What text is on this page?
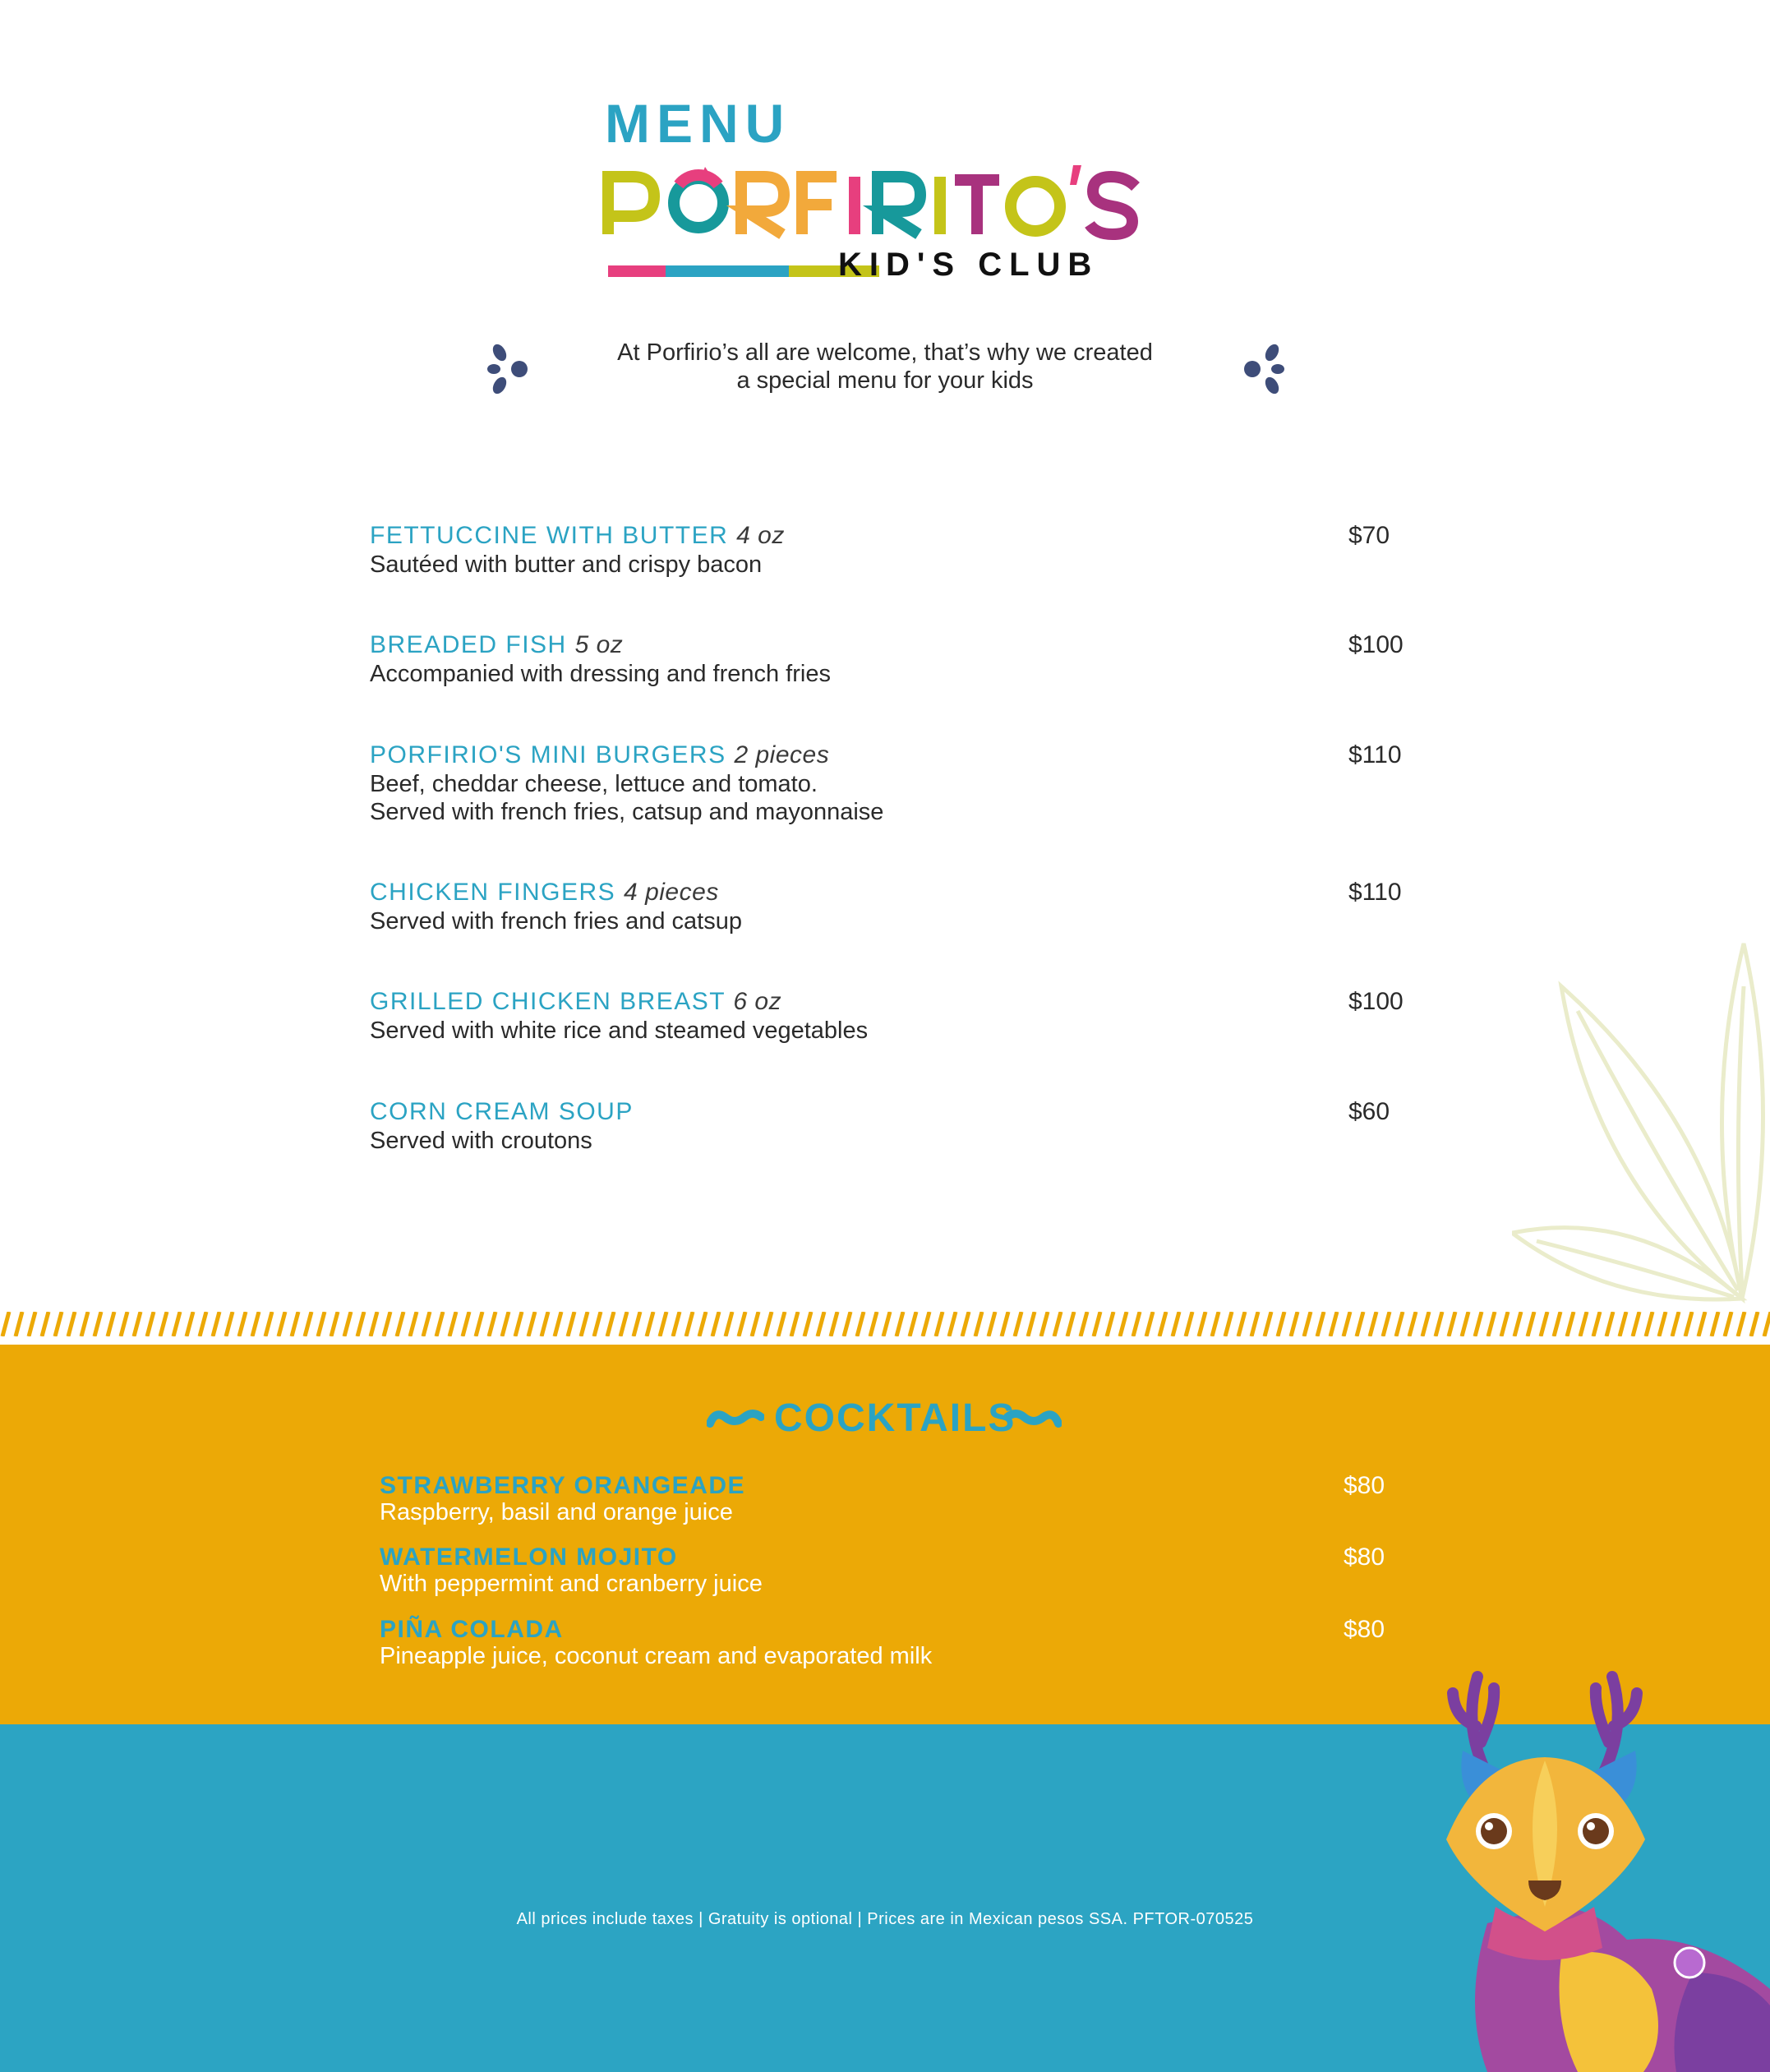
MENU
KID'S CLUB
At Porfirio’s all are welcome, that’s why we created
a special menu for your kids
FETTUCCINE WITH BUTTER 4 oz
Sautéed with butter and crispy bacon
$70
BREADED FISH 5 oz
Accompanied with dressing and french fries
$100
PORFIRIO'S MINI BURGERS 2 pieces
Beef, cheddar cheese, lettuce and tomato.
Served with french fries, catsup and mayonnaise
$110
CHICKEN FINGERS 4 pieces
Served with french fries and catsup
$110
GRILLED CHICKEN BREAST 6 oz
Served with white rice and steamed vegetables
$100
CORN CREAM SOUP
Served with croutons
$60
COCKTAILS
STRAWBERRY ORANGEADE
Raspberry, basil and orange juice
$80
WATERMELON MOJITO
With peppermint and cranberry juice
$80
PIÑA COLADA
Pineapple juice, coconut cream and evaporated milk
$80
All prices include taxes | Gratuity is optional | Prices are in Mexican pesos SSA. PFTOR-070525
